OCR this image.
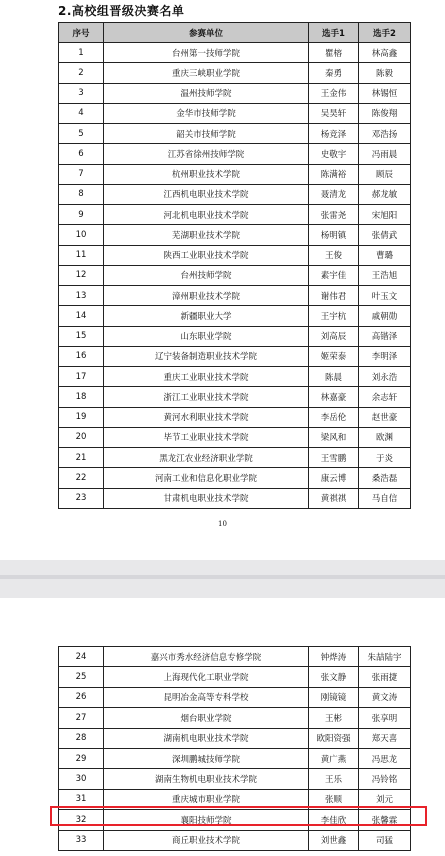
2.高校组晋级决赛名单
序号	参赛单位	选手1	选手2
1	台州第一技师学院	瞿榕	林高鑫
2	重庆三峡职业学院	秦勇	陈毅
3	温州技师学院	王金伟	林锡恒
4	金华市技师学院	吴昊轩	陈俊翔
5	韶关市技师学院	杨竞泽	邓浩扬
6	江苏省徐州技师学院	史敬宇	冯雨晨
7	杭州职业技术学院	陈满裕	顾辰
8	江西机电职业技术学院	聂清龙	郝龙敏
9	河北机电职业技术学院	张雷尧	宋旭阳
10	芜湖职业技术学院	杨明镇	张倩武
11	陕西工业职业技术学院	王俊	曹璐
12	台州技师学院	素宇佳	王浩旭
13	漳州职业技术学院	谢伟君	叶玉文
14	新疆职业大学	王宇杭	戚朝勋
15	山东职业学院	刘高辰	高锴泽
16	辽宁装备制造职业技术学院	姬荣泰	李明泽
17	重庆工业职业技术学院	陈晨	刘永浩
18	浙江工业职业技术学院	林嘉豪	余志轩
19	黄河水利职业技术学院	李岳伦	赵世豪
20	毕节工业职业技术学院	梁风和	欧渊
21	黑龙江农业经济职业学院	王雪鹏	于炎
22	河南工业和信息化职业学院	康云博	桑浩磊
23	甘肃机电职业技术学院	黄祺祺	马自信
10
24	嘉兴市秀水经济信息专修学院	钟烨涛	朱喆陆宇
25	上海现代化工职业学院	张文静	张雨捷
26	昆明冶金高等专科学校	刚镜镜	黄文涛
27	烟台职业学院	王彬	张享明
28	湖南机电职业技术学院	欧阳资强	郑天喜
29	深圳鹏城技师学院	黄广燕	冯思龙
30	湖南生物机电职业技术学院	王乐	冯铃铭
31	重庆城市职业学院	张顺	刘元
32	襄阳技师学院	李佳欣	张馨霖
33	商丘职业技术学院	刘世鑫	司猛
